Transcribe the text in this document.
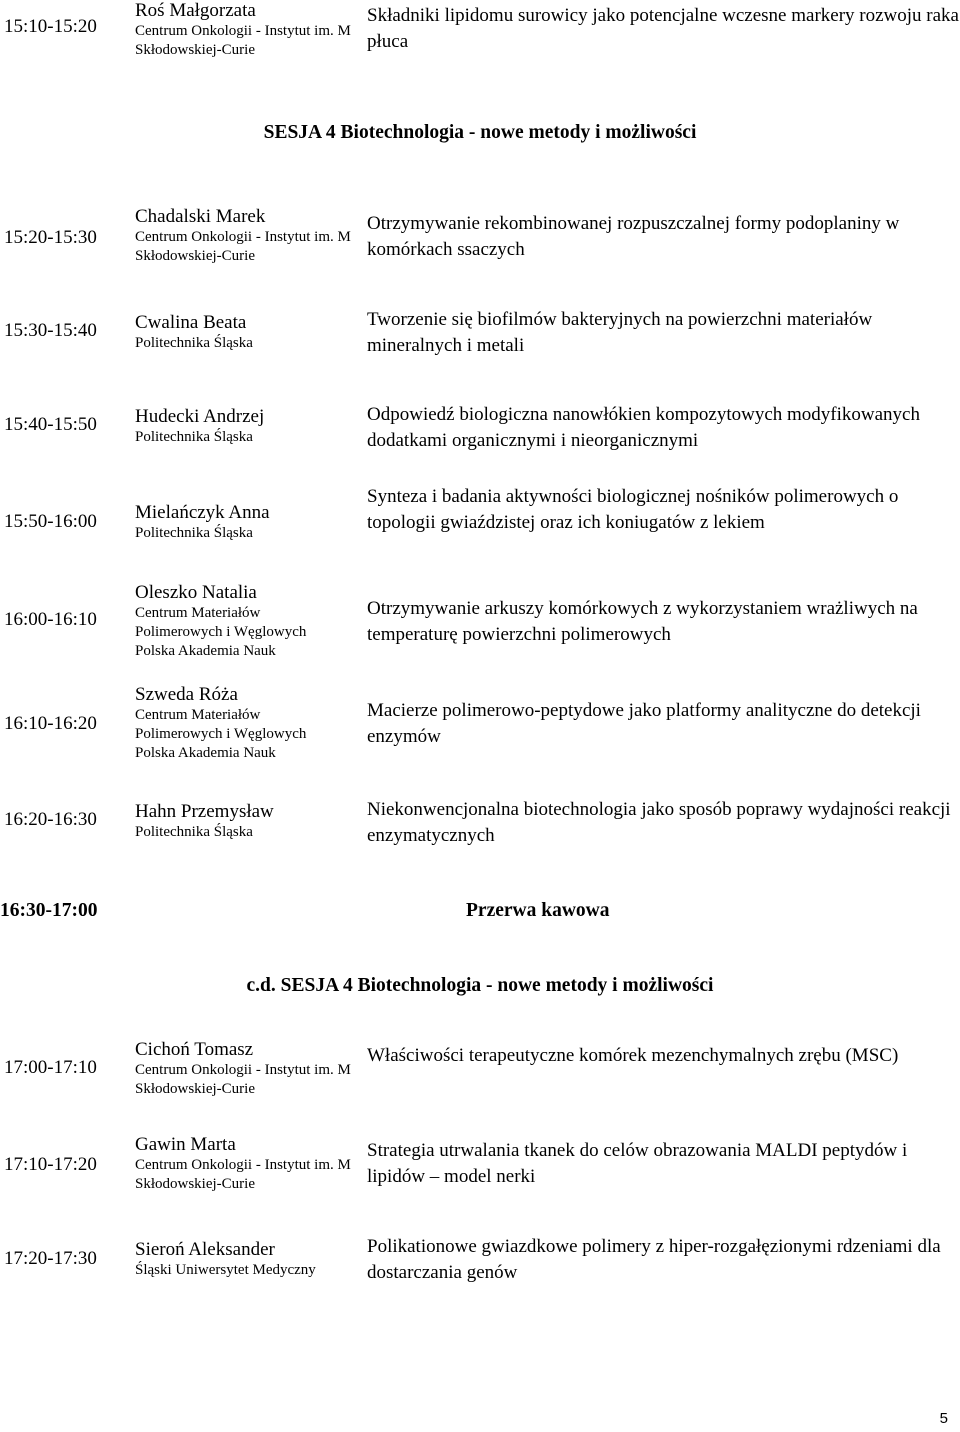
15:10-15:20
Roś Małgorzata
Centrum Onkologii - Instytut im. M Skłodowskiej-Curie
Składniki lipidomu surowicy jako potencjalne wczesne markery rozwoju raka płuca
SESJA 4 Biotechnologia - nowe metody i możliwości
15:20-15:30
Chadalski Marek
Centrum Onkologii - Instytut im. M Skłodowskiej-Curie
Otrzymywanie rekombinowanej rozpuszczalnej formy podoplaniny w komórkach ssaczych
15:30-15:40 Cwalina Beata
Politechnika Śląska
Tworzenie się biofilmów bakteryjnych na powierzchni materiałów mineralnych i metali
15:40-15:50 Hudecki Andrzej
Politechnika Śląska
Odpowiedź biologiczna nanowłókien kompozytowych modyfikowanych dodatkami organicznymi i nieorganicznymi
15:50-16:00 Mielańczyk Anna
Politechnika Śląska
Synteza i badania aktywności biologicznej nośników polimerowych o topologii gwiaździstej oraz ich koniugatów z lekiem
16:00-16:10
Oleszko Natalia
Centrum Materiałów Polimerowych i Węglowych Polska Akademia Nauk
Otrzymywanie arkuszy komórkowych z wykorzystaniem wrażliwych na temperaturę powierzchni polimerowych
16:10-16:20
Szweda Róża
Centrum Materiałów Polimerowych i Węglowych Polska Akademia Nauk
Macierze polimerowo-peptydowe jako platformy analityczne do detekcji enzymów
16:20-16:30 Hahn Przemysław
Politechnika Śląska
Niekonwencjonalna biotechnologia jako sposób poprawy wydajności reakcji enzymatycznych
16:30-17:00	Przerwa kawowa
c.d. SESJA 4 Biotechnologia - nowe metody i możliwości
17:00-17:10
Cichoń Tomasz
Centrum Onkologii - Instytut im. M Skłodowskiej-Curie
Właściwości terapeutyczne komórek mezenchymalnych zrębu (MSC)
17:10-17:20
Gawin Marta
Centrum Onkologii - Instytut im. M Skłodowskiej-Curie
Strategia utrwalania tkanek do celów obrazowania MALDI peptydów i lipidów – model nerki
17:20-17:30 Sieroń Aleksander
Śląski Uniwersytet Medyczny
Polikationowe gwiazdkowe polimery z hiper-rozgałęzionymi rdzeniami dla dostarczania genów
5
